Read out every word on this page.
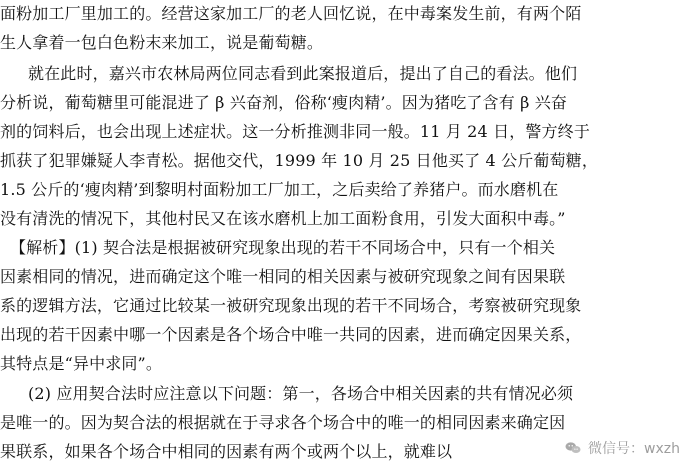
面粉加工厂里加工的。经营这家加工厂的老人回忆说，在中毒案发生前，有两个陌
生人拿着一包白色粉末来加工，说是葡萄糖。
就在此时，嘉兴市农林局两位同志看到此案报道后，提出了自己的看法。他们
分析说，葡萄糖里可能混进了 β 兴奋剂，俗称‘瘦肉精’。因为猪吃了含有 β 兴奋
剂的饲料后，也会出现上述症状。这一分析推测非同一般。11 月 24 日，警方终于
抓获了犯罪嫌疑人李青松。据他交代，1999 年 10 月 25 日他买了 4 公斤葡萄糖，
1.5 公斤的‘瘦肉精’到黎明村面粉加工厂加工，之后卖给了养猪户。而水磨机在
没有清洗的情况下，其他村民又在该水磨机上加工面粉食用，引发大面积中毒。”
【解析】(1) 契合法是根据被研究现象出现的若干不同场合中，只有一个相关
因素相同的情况，进而确定这个唯一相同的相关因素与被研究现象之间有因果联
系的逻辑方法，它通过比较某一被研究现象出现的若干不同场合，考察被研究现象
出现的若干因素中哪一个因素是各个场合中唯一共同的因素，进而确定因果关系，
其特点是“异中求同”。
(2) 应用契合法时应注意以下问题：第一，各场合中相关因素的共有情况必须
是唯一的。因为契合法的根据就在于寻求各个场合中的唯一的相同因素来确定因
果联系，如果各个场合中相同的因素有两个或两个以上，就难以	微信号：wxzh
